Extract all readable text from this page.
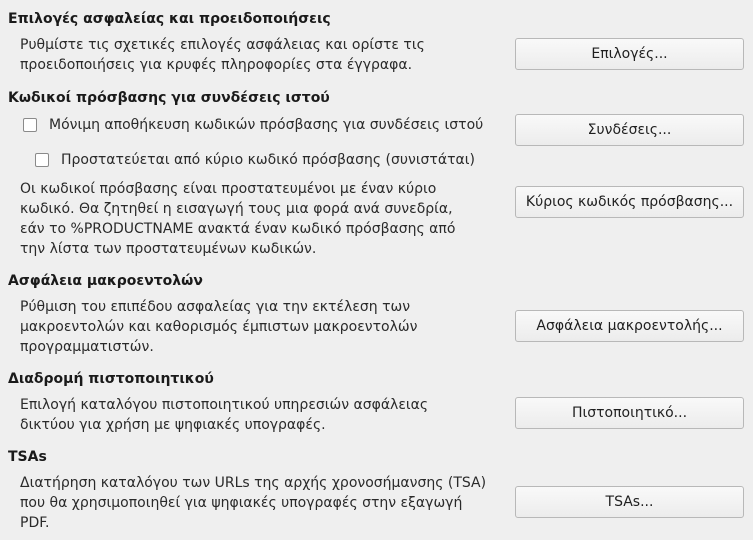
Επιλογές ασφαλείας και προειδοποιήσεις
Ρυθμίστε τις σχετικές επιλογές ασφάλειας και ορίστε τις
προειδοποιήσεις για κρυφές πληροφορίες στα έγγραφα.
Επιλογές...
Κωδικοί πρόσβασης για συνδέσεις ιστού
Μόνιμη αποθήκευση κωδικών πρόσβασης για συνδέσεις ιστού	Συνδέσεις...
Προστατεύεται από κύριο κωδικό πρόσβασης (συνιστάται)
Οι κωδικοί πρόσβασης είναι προστατευμένοι με έναν κύριο
κωδικό. Θα ζητηθεί η εισαγωγή τους μια φορά ανά συνεδρία,
εάν το %PRODUCTNAME ανακτά έναν κωδικό πρόσβασης από
την λίστα των προστατευμένων κωδικών.
Κύριος κωδικός πρόσβασης...
Ασφάλεια μακροεντολών
Ρύθμιση του επιπέδου ασφαλείας για την εκτέλεση των
μακροεντολών και καθορισμός έμπιστων μακροεντολών
προγραμματιστών.
Ασφάλεια μακροεντολής...
Διαδρομή πιστοποιητικού
Επιλογή καταλόγου πιστοποιητικού υπηρεσιών ασφάλειας
δικτύου για χρήση με ψηφιακές υπογραφές.
Πιστοποιητικό...
TSAs
Διατήρηση καταλόγου των URLs της αρχής χρονοσήμανσης (TSA)
που θα χρησιμοποιηθεί για ψηφιακές υπογραφές στην εξαγωγή
PDF.
TSAs...
